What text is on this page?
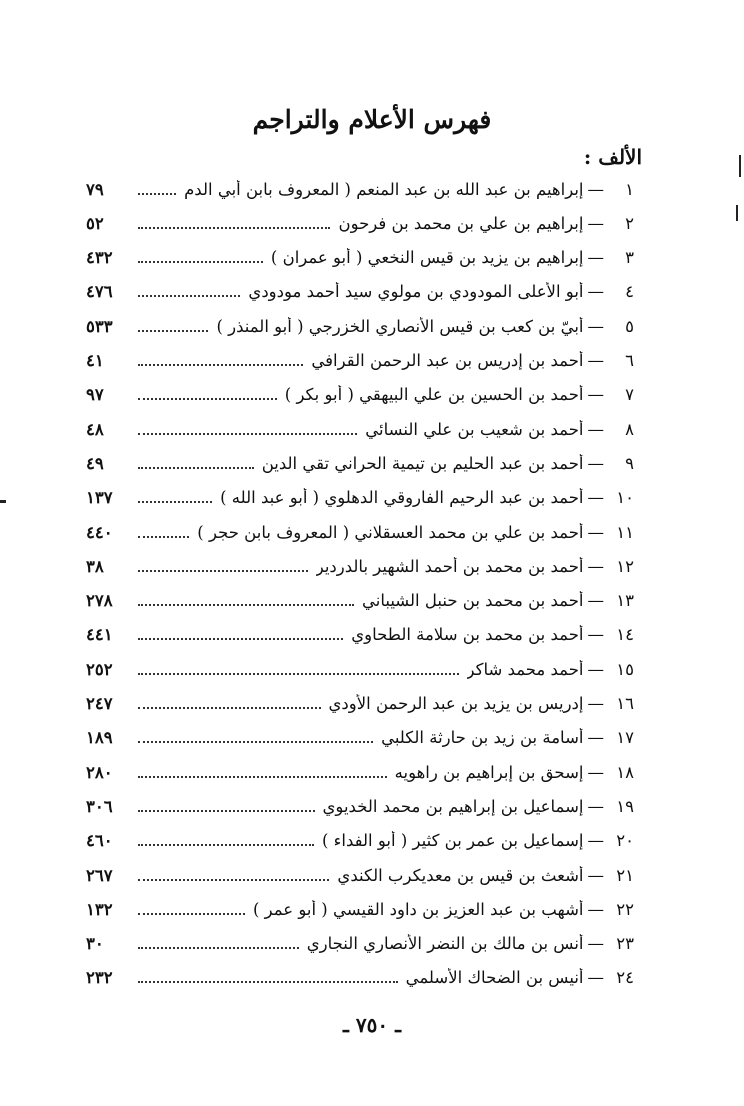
فهرس الأعلام والتراجم
الألف :
١
—
إبراهيم بن عبد الله بن عبد المنعم ( المعروف بابن أبي الدم
٧٩
٢
—
إبراهيم بن علي بن محمد بن فرحون
٥٢
٣
—
إبراهيم بن يزيد بن قيس النخعي ( أبو عمران )
٤٣٢
٤
—
أبو الأعلى المودودي بن مولوي سيد أحمد مودودي
٤٧٦
٥
—
أُبيّ بن كعب بن قيس الأنصاري الخزرجي ( أبو المنذر )
٥٣٣
٦
—
أحمد بن إدريس بن عبد الرحمن القرافي
٤١
٧
—
أحمد بن الحسين بن علي البيهقي ( أبو بكر )
٩٧
٨
—
أحمد بن شعيب بن علي النسائي
٤٨
٩
—
أحمد بن عبد الحليم بن تيمية الحراني تقي الدين
٤٩
١٠
—
أحمد بن عبد الرحيم الفاروقي الدهلوي ( أبو عبد الله )
١٣٧
١١
—
أحمد بن علي بن محمد العسقلاني ( المعروف بابن حجر )
٤٤٠
١٢
—
أحمد بن محمد بن أحمد الشهير بالدردير
٣٨
١٣
—
أحمد بن محمد بن حنبل الشيباني
٢٧٨
١٤
—
أحمد بن محمد بن سلامة الطحاوي
٤٤١
١٥
—
أحمد محمد شاكر
٢٥٢
١٦
—
إدريس بن يزيد بن عبد الرحمن الأودي
٢٤٧
١٧
—
أسامة بن زيد بن حارثة الكلبي
١٨٩
١٨
—
إسحق بن إبراهيم بن راهويه
٢٨٠
١٩
—
إسماعيل بن إبراهيم بن محمد الخديوي
٣٠٦
٢٠
—
إسماعيل بن عمر بن كثير ( أبو الفداء )
٤٦٠
٢١
—
أشعث بن قيس بن معديكرب الكندي
٢٦٧
٢٢
—
أشهب بن عبد العزيز بن داود القيسي ( أبو عمر )
١٣٢
٢٣
—
أنس بن مالك بن النضر الأنصاري النجاري
٣٠
٢٤
—
أنيس بن الضحاك الأسلمي
٢٣٢
ـ ٧٥٠ ـ
